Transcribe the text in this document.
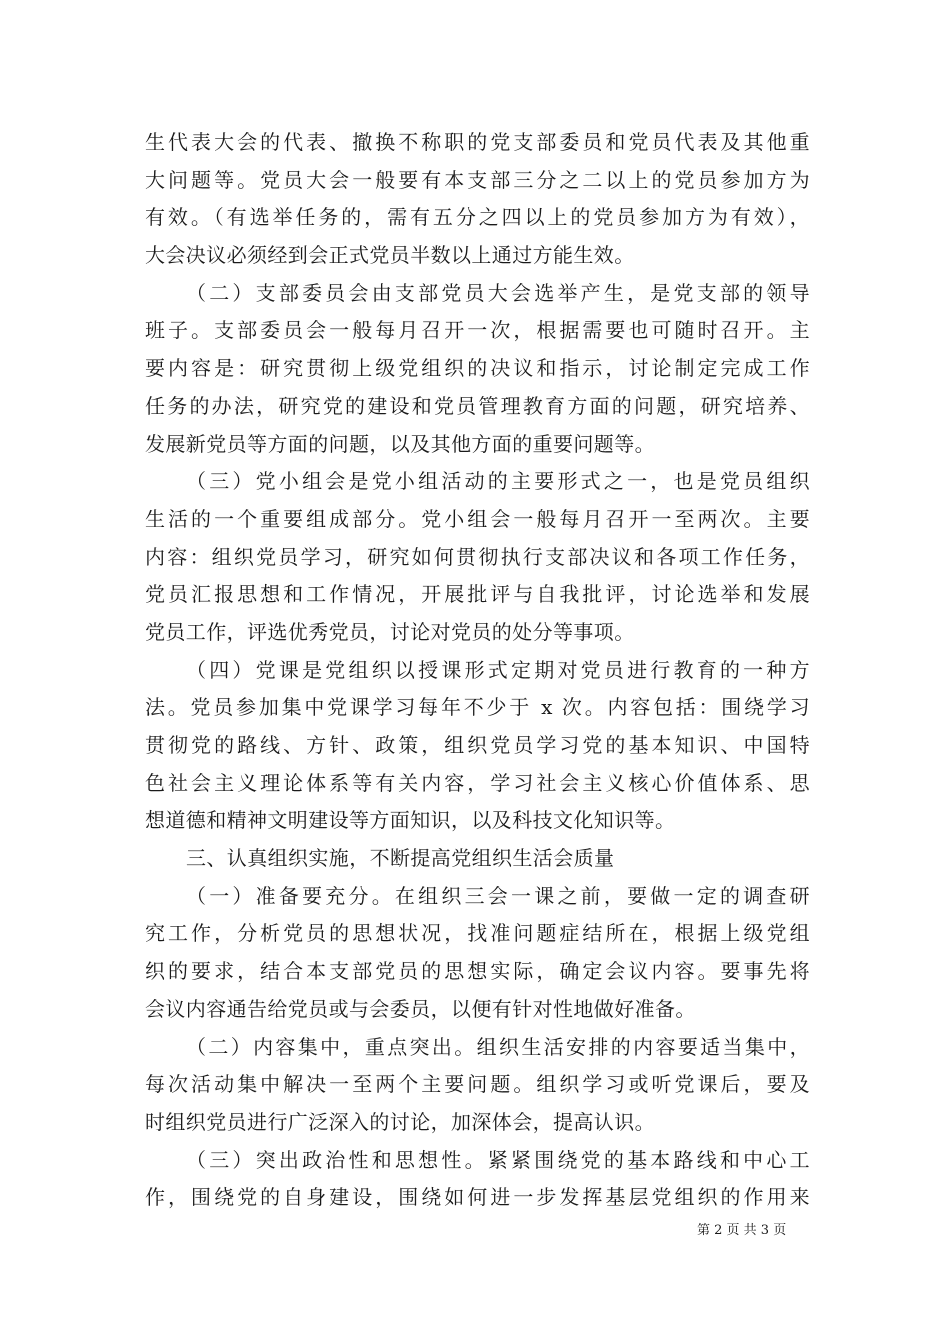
生代表大会的代表、撤换不称职的党支部委员和党员代表及其他重
大问题等。党员大会一般要有本支部三分之二以上的党员参加方为
有效。（有选举任务的，需有五分之四以上的党员参加方为有效），
大会决议必须经到会正式党员半数以上通过方能生效。
（二）支部委员会由支部党员大会选举产生，是党支部的领导
班子。支部委员会一般每月召开一次，根据需要也可随时召开。主
要内容是：研究贯彻上级党组织的决议和指示，讨论制定完成工作
任务的办法，研究党的建设和党员管理教育方面的问题，研究培养、
发展新党员等方面的问题，以及其他方面的重要问题等。
（三）党小组会是党小组活动的主要形式之一，也是党员组织
生活的一个重要组成部分。党小组会一般每月召开一至两次。主要
内容：组织党员学习，研究如何贯彻执行支部决议和各项工作任务，
党员汇报思想和工作情况，开展批评与自我批评，讨论选举和发展
党员工作，评选优秀党员，讨论对党员的处分等事项。
（四）党课是党组织以授课形式定期对党员进行教育的一种方
法。党员参加集中党课学习每年不少于 x 次。内容包括：围绕学习
贯彻党的路线、方针、政策，组织党员学习党的基本知识、中国特
色社会主义理论体系等有关内容，学习社会主义核心价值体系、思
想道德和精神文明建设等方面知识，以及科技文化知识等。
三、认真组织实施，不断提高党组织生活会质量
（一）准备要充分。在组织三会一课之前，要做一定的调查研
究工作，分析党员的思想状况，找准问题症结所在，根据上级党组
织的要求，结合本支部党员的思想实际，确定会议内容。要事先将
会议内容通告给党员或与会委员，以便有针对性地做好准备。
（二）内容集中，重点突出。组织生活安排的内容要适当集中，
每次活动集中解决一至两个主要问题。组织学习或听党课后，要及
时组织党员进行广泛深入的讨论，加深体会，提高认识。
（三）突出政治性和思想性。紧紧围绕党的基本路线和中心工
作，围绕党的自身建设，围绕如何进一步发挥基层党组织的作用来
第 2 页 共 3 页
